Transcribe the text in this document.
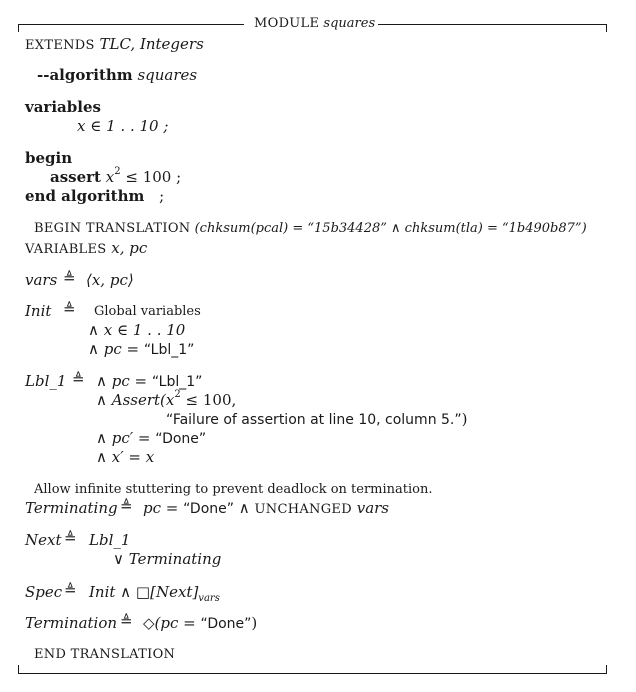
MODULE squares
EXTENDS TLC, Integers
--algorithm squares
variables
x ∈ 1 . . 10 ;
begin
assert $x^2 \le 100$ ;
end algorithm ;
BEGIN TRANSLATION (chksum(pcal) = “15b34428” ∧ chksum(tla) = “1b490b87”)
VARIABLES x, pc
vars ≜ ⟨x, pc⟩
Init ≜ Global variables
∧ x ∈ 1 . . 10
∧ pc = “Lbl_1”
Lbl_1 ≜ ∧ pc = “Lbl_1”
∧ $Assert(x^2 \le 100$,
“Failure of assertion at line 10, column 5.”)
∧ pc′ = “Done”
∧ x′ = x
Allow infinite stuttering to prevent deadlock on termination.
Terminating ≜ pc = “Done” ∧ UNCHANGED vars
Next ≜ Lbl_1
∨ Terminating
Spec ≜ Init ∧ $□[Next]_{vars}$
Termination ≜ ◇(pc = “Done”)
END TRANSLATION
